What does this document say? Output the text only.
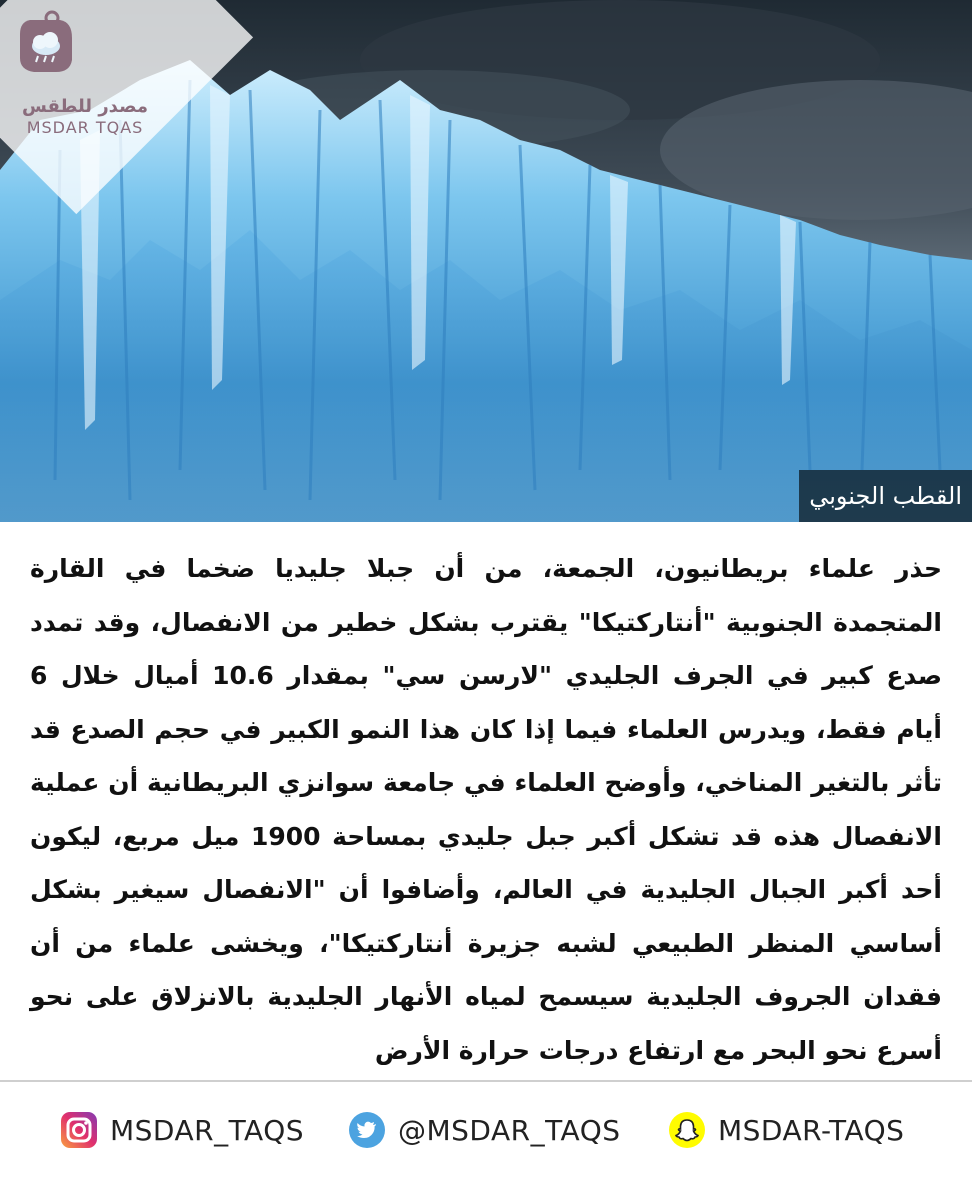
مصدر للطقس
MSDAR TQAS
القطب الجنوبي
حذر علماء بريطانيون، الجمعة، من أن جبلا جليديا ضخما في القارة المتجمدة الجنوبية "أنتاركتيكا" يقترب بشكل خطير من الانفصال، وقد تمدد صدع كبير في الجرف الجليدي "لارسن سي" بمقدار 10.6 أميال خلال 6 أيام فقط، ويدرس العلماء فيما إذا كان هذا النمو الكبير في حجم الصدع قد تأثر بالتغير المناخي، وأوضح العلماء في جامعة سوانزي البريطانية أن عملية الانفصال هذه قد تشكل أكبر جبل جليدي بمساحة 1900 ميل مربع، ليكون أحد أكبر الجبال الجليدية في العالم، وأضافوا أن "الانفصال سيغير بشكل أساسي المنظر الطبيعي لشبه جزيرة أنتاركتيكا"، ويخشى علماء من أن فقدان الجروف الجليدية سيسمح لمياه الأنهار الجليدية بالانزلاق على نحو أسرع نحو البحر مع ارتفاع درجات حرارة الأرض
MSDAR_TAQS	@MSDAR_TAQS	MSDAR-TAQS
